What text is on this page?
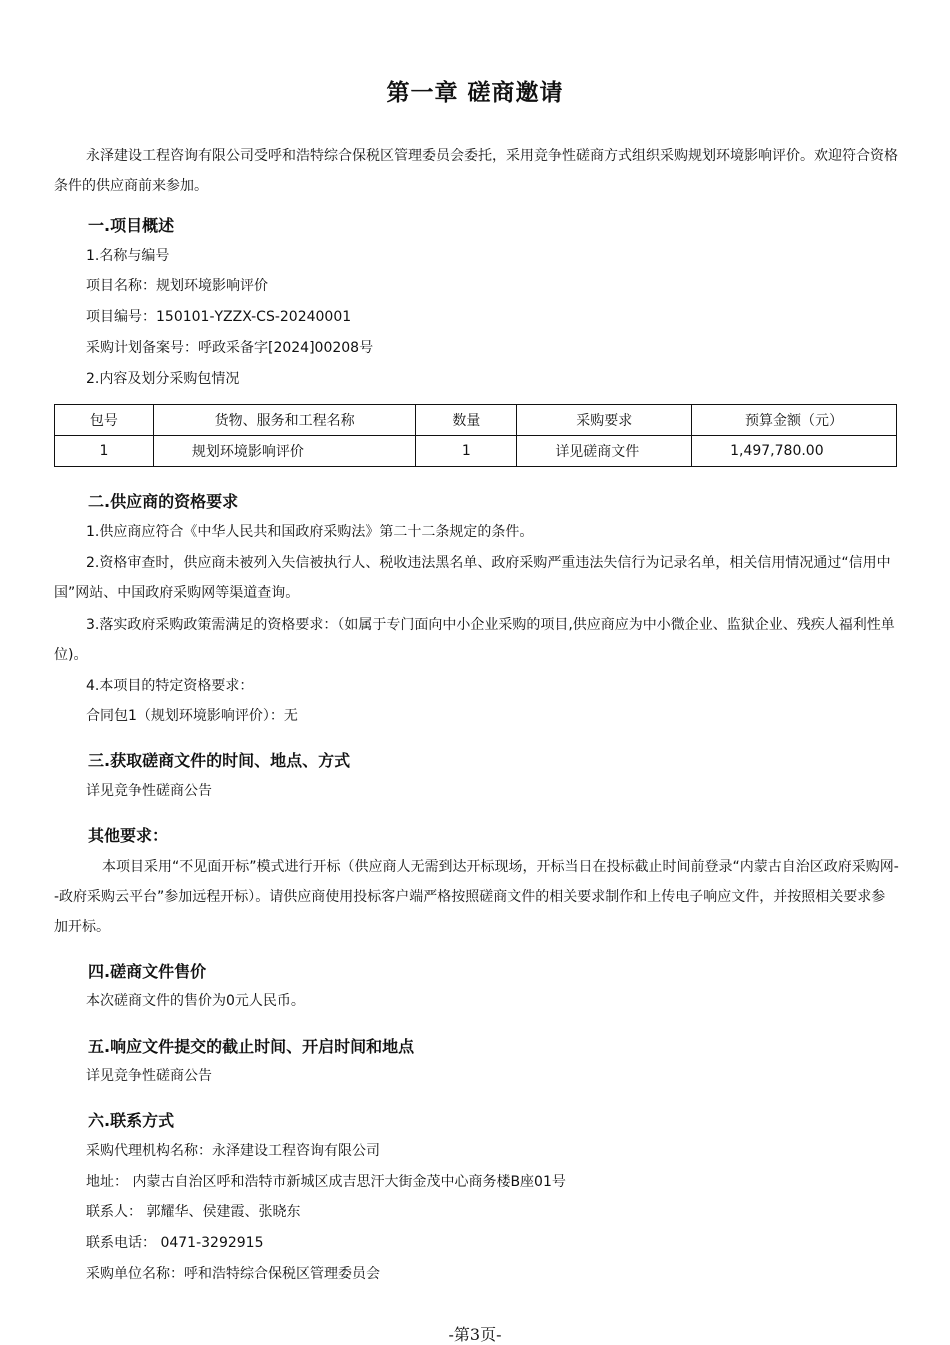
第一章 磋商邀请
永泽建设工程咨询有限公司受呼和浩特综合保税区管理委员会委托，采用竞争性磋商方式组织采购规划环境影响评价。欢迎符合资格条件的供应商前来参加。
一.项目概述
1.名称与编号
项目名称：规划环境影响评价
项目编号：150101-YZZX-CS-20240001
采购计划备案号：呼政采备字[2024]00208号
2.内容及划分采购包情况
包号	货物、服务和工程名称	数量	采购要求	预算金额（元）
1	规划环境影响评价	1	详见磋商文件	1,497,780.00
二.供应商的资格要求
1.供应商应符合《中华人民共和国政府采购法》第二十二条规定的条件。
2.资格审查时，供应商未被列入失信被执行人、税收违法黑名单、政府采购严重违法失信行为记录名单，相关信用情况通过“信用中国”网站、中国政府采购网等渠道查询。
3.落实政府采购政策需满足的资格要求：（如属于专门面向中小企业采购的项目,供应商应为中小微企业、监狱企业、残疾人福利性单位)。
4.本项目的特定资格要求：
合同包1（规划环境影响评价）：无
三.获取磋商文件的时间、地点、方式
详见竞争性磋商公告
其他要求：
本项目采用“不见面开标”模式进行开标（供应商人无需到达开标现场，开标当日在投标截止时间前登录“内蒙古自治区政府采购网--政府采购云平台”参加远程开标）。请供应商使用投标客户端严格按照磋商文件的相关要求制作和上传电子响应文件，并按照相关要求参加开标。
四.磋商文件售价
本次磋商文件的售价为0元人民币。
五.响应文件提交的截止时间、开启时间和地点
详见竞争性磋商公告
六.联系方式
采购代理机构名称：永泽建设工程咨询有限公司
地址： 内蒙古自治区呼和浩特市新城区成吉思汗大街金茂中心商务楼B座01号
联系人： 郭耀华、侯建霞、张晓东
联系电话： 0471-3292915
采购单位名称：呼和浩特综合保税区管理委员会
-第3页-
